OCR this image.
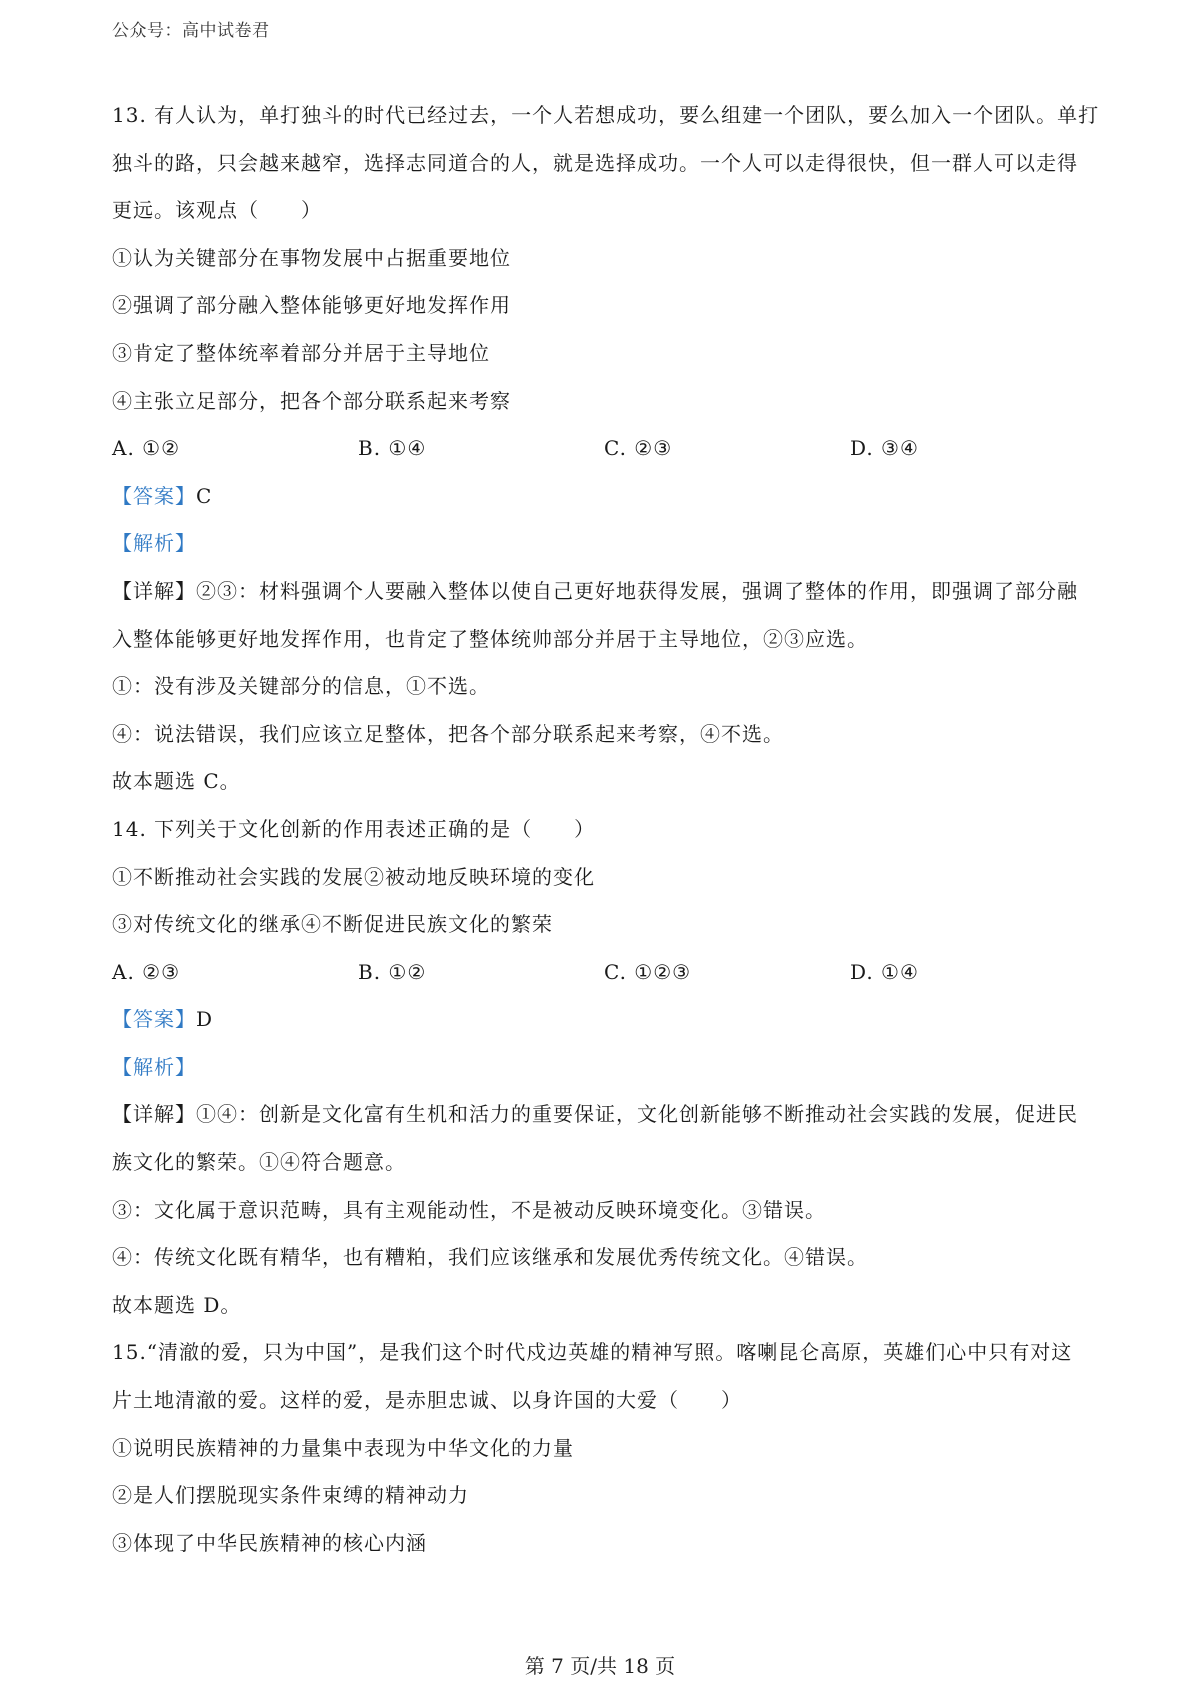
公众号：高中试卷君
13. 有人认为，单打独斗的时代已经过去，一个人若想成功，要么组建一个团队，要么加入一个团队。单打
独斗的路，只会越来越窄，选择志同道合的人，就是选择成功。一个人可以走得很快，但一群人可以走得
更远。该观点（　　）
①认为关键部分在事物发展中占据重要地位
②强调了部分融入整体能够更好地发挥作用
③肯定了整体统率着部分并居于主导地位
④主张立足部分，把各个部分联系起来考察
A. ①②	B. ①④	C. ②③	D. ③④
【答案】C
【解析】
【详解】②③：材料强调个人要融入整体以使自己更好地获得发展，强调了整体的作用，即强调了部分融
入整体能够更好地发挥作用，也肯定了整体统帅部分并居于主导地位，②③应选。
①：没有涉及关键部分的信息，①不选。
④：说法错误，我们应该立足整体，把各个部分联系起来考察，④不选。
故本题选 C。
14. 下列关于文化创新的作用表述正确的是（　　）
①不断推动社会实践的发展②被动地反映环境的变化
③对传统文化的继承④不断促进民族文化的繁荣
A. ②③	B. ①②	C. ①②③	D. ①④
【答案】D
【解析】
【详解】①④：创新是文化富有生机和活力的重要保证，文化创新能够不断推动社会实践的发展，促进民
族文化的繁荣。①④符合题意。
③：文化属于意识范畴，具有主观能动性，不是被动反映环境变化。③错误。
④：传统文化既有精华，也有糟粕，我们应该继承和发展优秀传统文化。④错误。
故本题选 D。
15.“清澈的爱，只为中国”，是我们这个时代戍边英雄的精神写照。喀喇昆仑高原，英雄们心中只有对这
片土地清澈的爱。这样的爱，是赤胆忠诚、以身许国的大爱（　　）
①说明民族精神的力量集中表现为中华文化的力量
②是人们摆脱现实条件束缚的精神动力
③体现了中华民族精神的核心内涵
第 7 页/共 18 页
